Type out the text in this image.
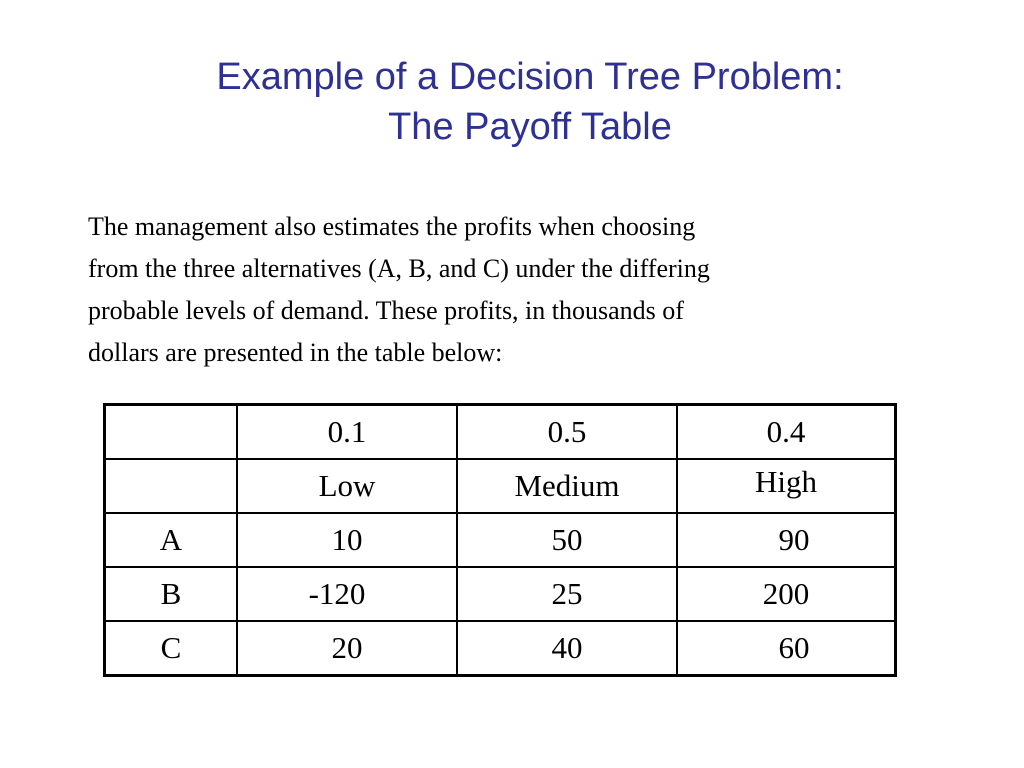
Example of a Decision Tree Problem:
The Payoff Table
The management also estimates the profits when choosing
from the three alternatives (A, B, and C) under the differing
probable levels of demand. These profits, in thousands of
dollars are presented in the table below:
	0.1	0.5	0.4
	Low	Medium	High
A	10	50	90
B	-120	25	200
C	20	40	60
